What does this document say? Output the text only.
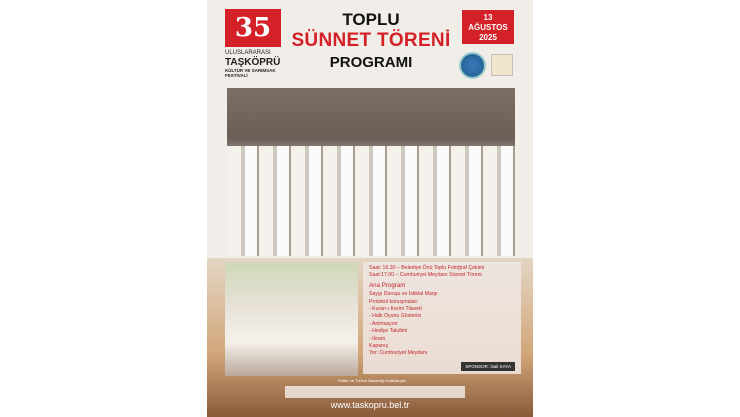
35
ULUSLARARASI
TAŞKÖPRÜ
KÜLTÜR VE SARIMSAK FESTİVALİ
TOPLU
SÜNNET TÖRENİ
PROGRAMI
13
AĞUSTOS
2025
Saat: 16.30 – Belediye Önü Toplu Fotoğraf Çekimi
Saat:17.00 – Cumhuriyet Meydanı Sünnet Töreni
Ana Program
Saygı Duruşu ve İstiklal Marşı
Protokol konuşmaları
- Kuran-ı Kerim Tilaveti
- Halk Oyunu Gösterisi
- Animasyon
- Hediye Takdimi
- İkram
Kapanış
Yer: Cumhuriyet Meydanı
SPONSOR: İsali KAYA
Kültür ve Turizm Bakanlığı Katkılarıyla
www.taskopru.bel.tr
